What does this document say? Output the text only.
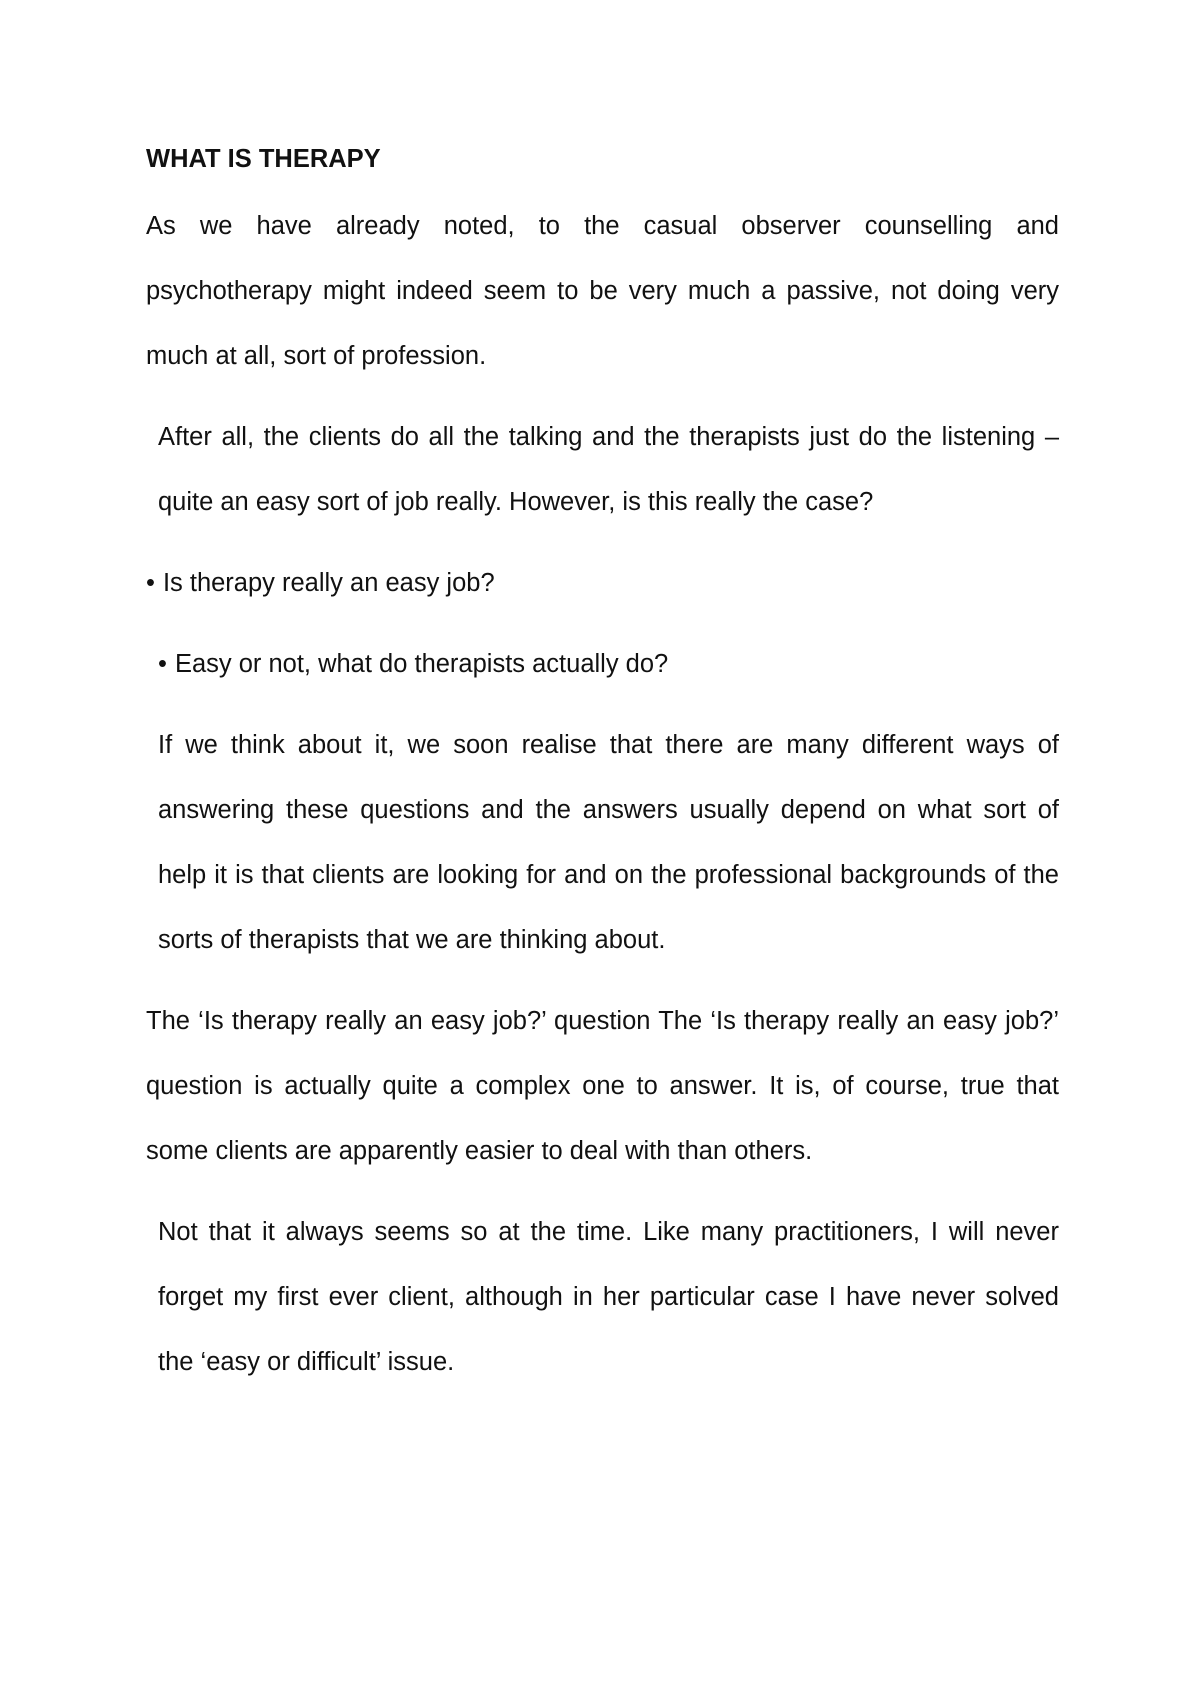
WHAT IS THERAPY
As we have already noted, to the casual observer counselling and psychotherapy might indeed seem to be very much a passive, not doing very much at all, sort of profession.
After all, the clients do all the talking and the therapists just do the listening – quite an easy sort of job really. However, is this really the case?
• Is therapy really an easy job?
• Easy or not, what do therapists actually do?
If we think about it, we soon realise that there are many different ways of answering these questions and the answers usually depend on what sort of help it is that clients are looking for and on the professional backgrounds of the sorts of therapists that we are thinking about.
The ‘Is therapy really an easy job?’ question The ‘Is therapy really an easy job?’ question is actually quite a complex one to answer. It is, of course, true that some clients are apparently easier to deal with than others.
Not that it always seems so at the time. Like many practitioners, I will never forget my first ever client, although in her particular case I have never solved the ‘easy or difficult’ issue.
